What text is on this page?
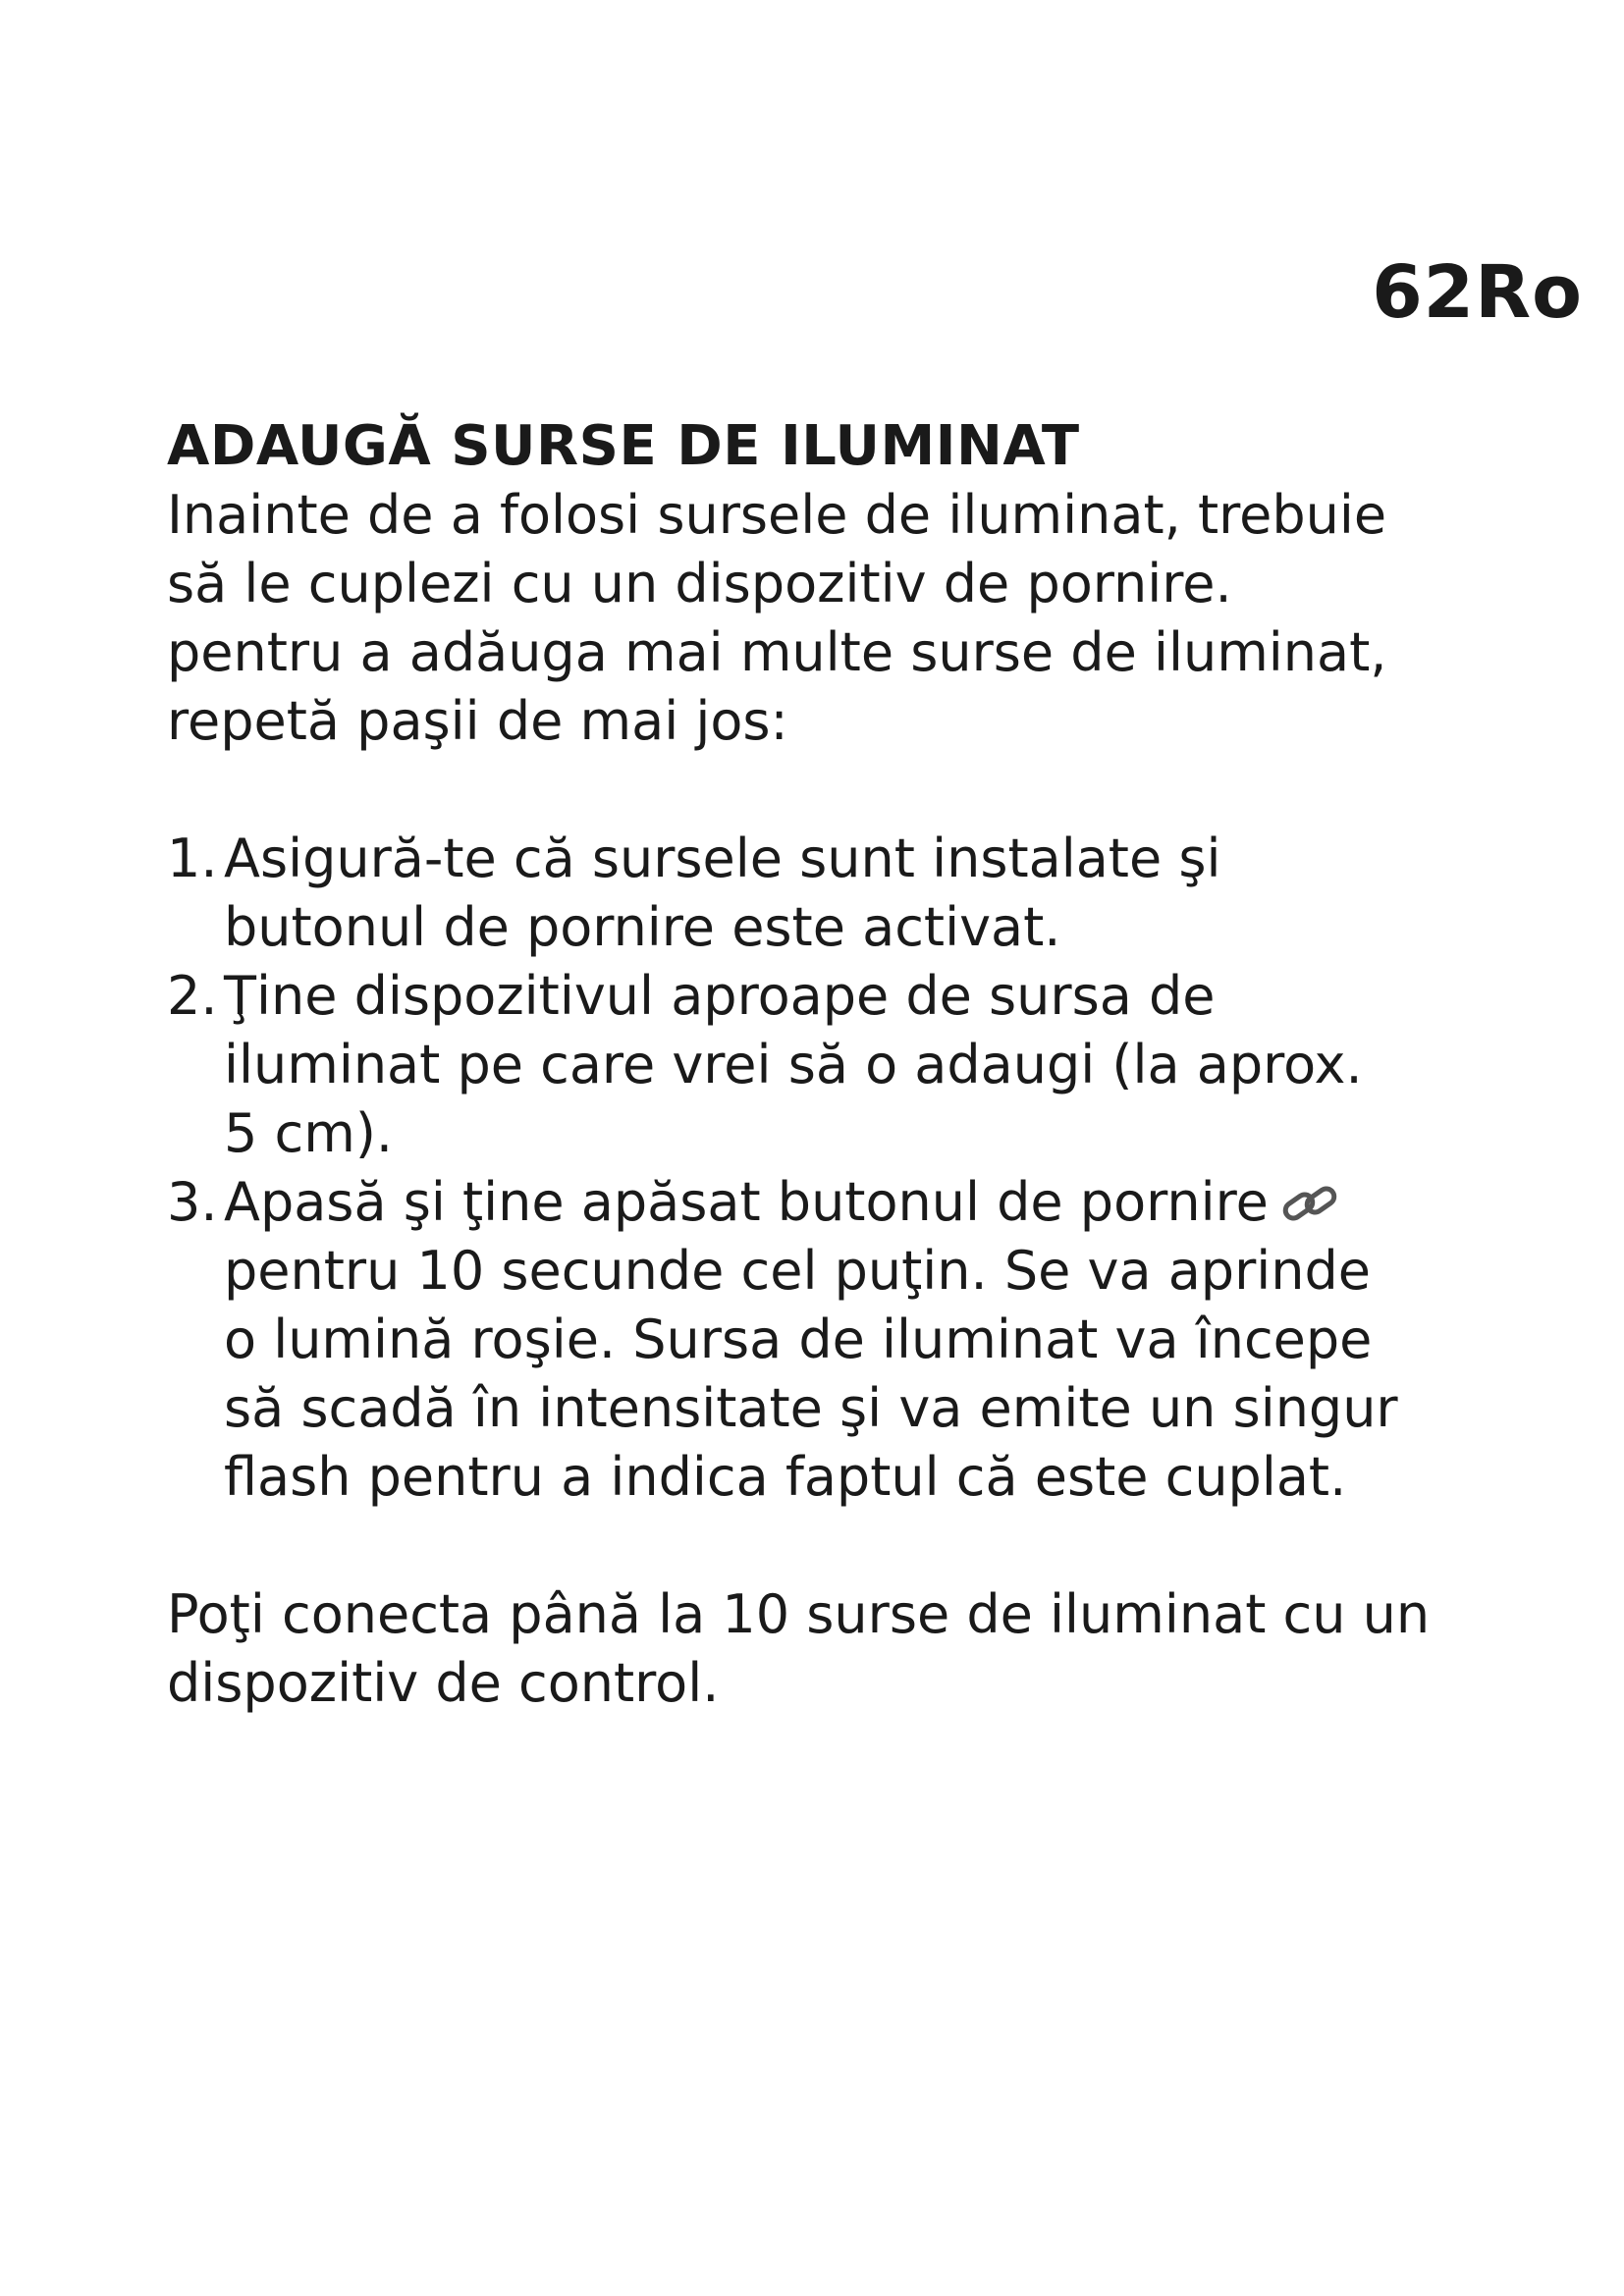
62Ro
ADAUGĂ SURSE DE ILUMINAT

Inainte de a folosi sursele de iluminat, trebuie

să le cuplezi cu un dispozitiv de pornire.

pentru a adăuga mai multe surse de iluminat,

repetă paşii de mai jos:

1. Asigură-te că sursele sunt instalate şi
butonul de pornire este activat.
2. Ţine dispozitivul aproape de sursa de
iluminat pe care vrei să o adaugi (la aprox.
5 cm).
3. Apasă şi ţine apăsat butonul de pornire
pentru 10 secunde cel puţin. Se va aprinde
o lumină roşie. Sursa de iluminat va începe
să scadă în intensitate şi va emite un singur
flash pentru a indica faptul că este cuplat.

Poţi conecta până la 10 surse de iluminat cu un

dispozitiv de control.
